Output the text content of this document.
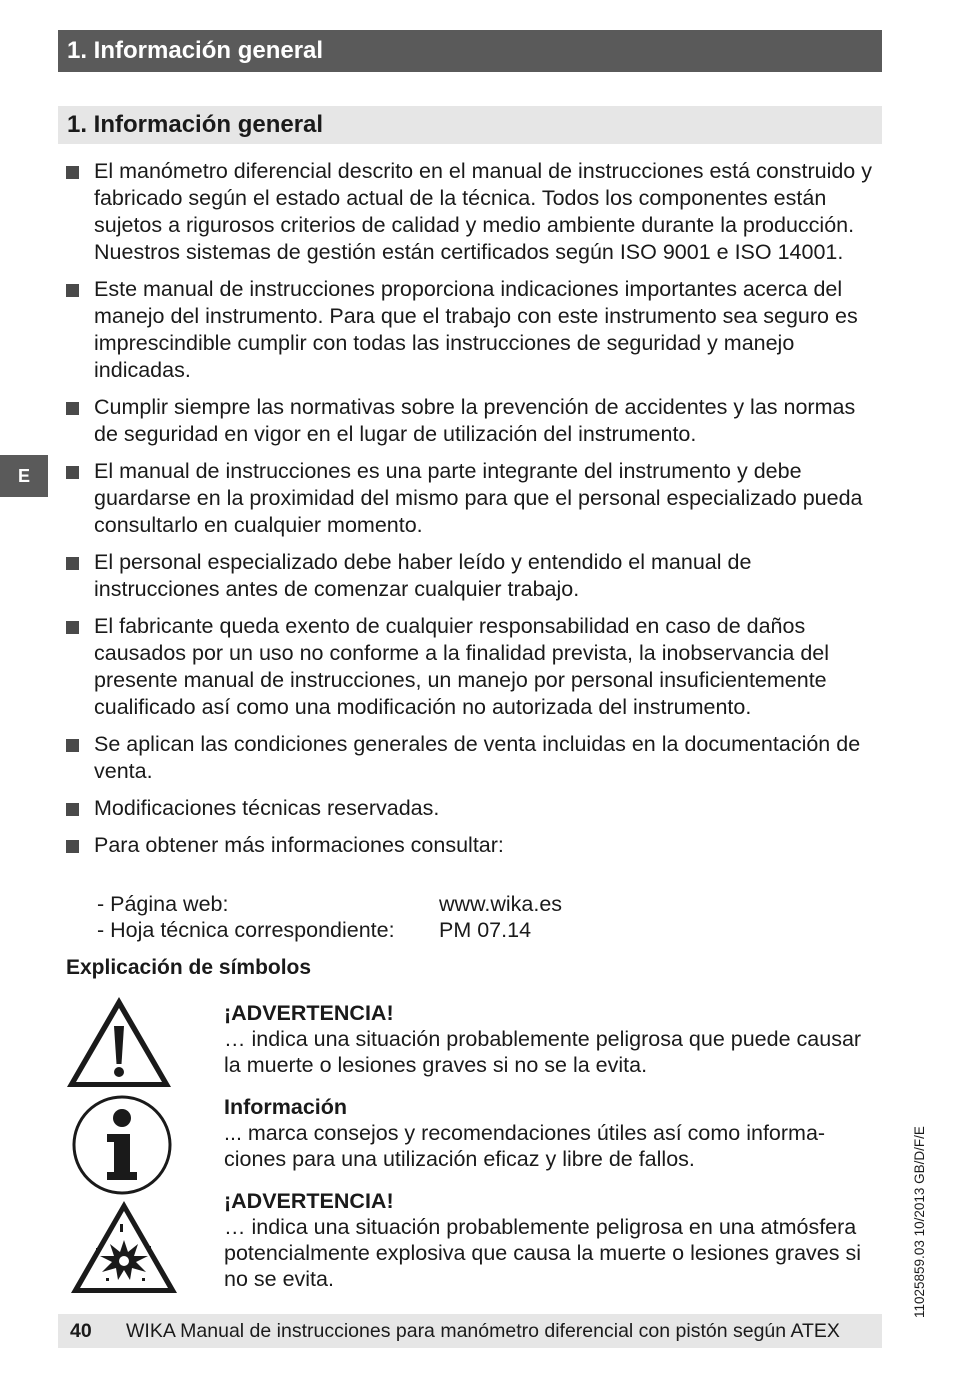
1. Información general
1. Información general
E
El manómetro diferencial descrito en el manual de instrucciones está construido y fabricado según el estado actual de la técnica. Todos los componentes están sujetos a rigurosos criterios de calidad y medio ambiente durante la producción. Nuestros sistemas de gestión están certificados según ISO 9001 e ISO 14001.
Este manual de instrucciones proporciona indicaciones importantes acerca del manejo del instrumento. Para que el trabajo con este instrumento sea seguro es imprescindible cumplir con todas las instrucciones de seguridad y manejo indicadas.
Cumplir siempre las normativas sobre la prevención de accidentes y las normas de seguridad en vigor en el lugar de utilización del instrumento.
El manual de instrucciones es una parte integrante del instrumento y debe guardarse en la proximidad del mismo para que el personal especializado pueda consultarlo en cualquier momento.
El personal especializado debe haber leído y entendido el manual de instrucciones antes de comenzar cualquier trabajo.
El fabricante queda exento de cualquier responsabilidad en caso de daños causados por un uso no conforme a la finalidad prevista, la inobservancia del presente manual de instrucciones, un manejo por personal insuficientemente cualificado así como una modificación no autorizada del instrumento.
Se aplican las condiciones generales de venta incluidas en la documentación de venta.
Modificaciones técnicas reservadas.
Para obtener más informaciones consultar:
- Página web:	www.wika.es
- Hoja técnica correspondiente:	PM 07.14
Explicación de símbolos
¡ADVERTENCIA!
… indica una situación probablemente peligrosa que puede causar la muerte o lesiones graves si no se la evita.
Información
... marca consejos y recomendaciones útiles así como informa-ciones para una utilización eficaz y libre de fallos.
¡ADVERTENCIA!
… indica una situación probablemente peligrosa en una atmósfera potencialmente explosiva que causa la muerte o lesiones graves si no se evita.
40 WIKA Manual de instrucciones para manómetro diferencial con pistón según ATEX
11025859.03 10/2013 GB/D/F/E
